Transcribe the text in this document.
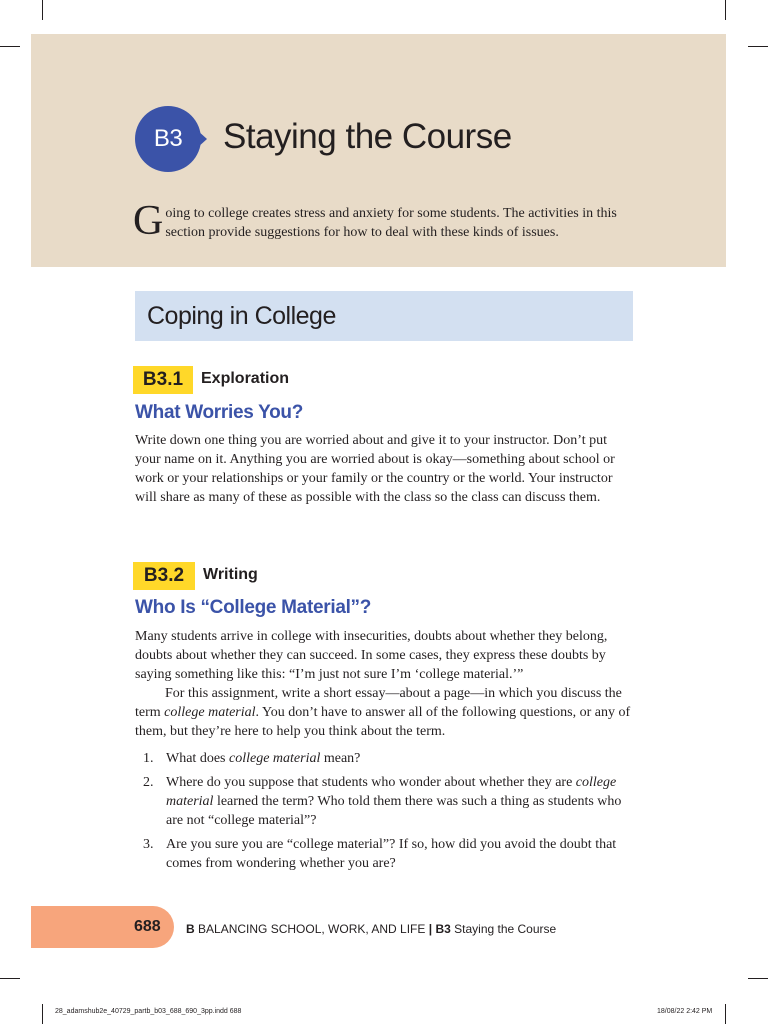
B3	Staying the Course
Going to college creates stress and anxiety for some students. The activities in this section provide suggestions for how to deal with these kinds of issues.
Coping in College
B3.1	Exploration
What Worries You?

Write down one thing you are worried about and give it to your instructor. Don’t put your name on it. Anything you are worried about is okay—something about school or work or your relationships or your family or the country or the world. Your instructor will share as many of these as possible with the class so the class can discuss them.

B3.2	Writing
Who Is “College Material”?

Many students arrive in college with insecurities, doubts about whether they belong, doubts about whether they can succeed. In some cases, they express these doubts by saying something like this: “I’m just not sure I’m ‘college material.’”

For this assignment, write a short essay—about a page—in which you discuss the term college material. You don’t have to answer all of the following questions, or any of them, but they’re here to help you think about the term.

1. What does college material mean?
2. Where do you suppose that students who wonder about whether they are college material learned the term? Who told them there was such a thing as students who are not “college material”?
3. Are you sure you are “college material”? If so, how did you avoid the doubt that comes from wondering whether you are?
688 B BALANCING SCHOOL, WORK, AND LIFE | B3 Staying the Course
28_adamshub2e_40729_partb_b03_688_690_3pp.indd 688	18/08/22 2:42 PM
